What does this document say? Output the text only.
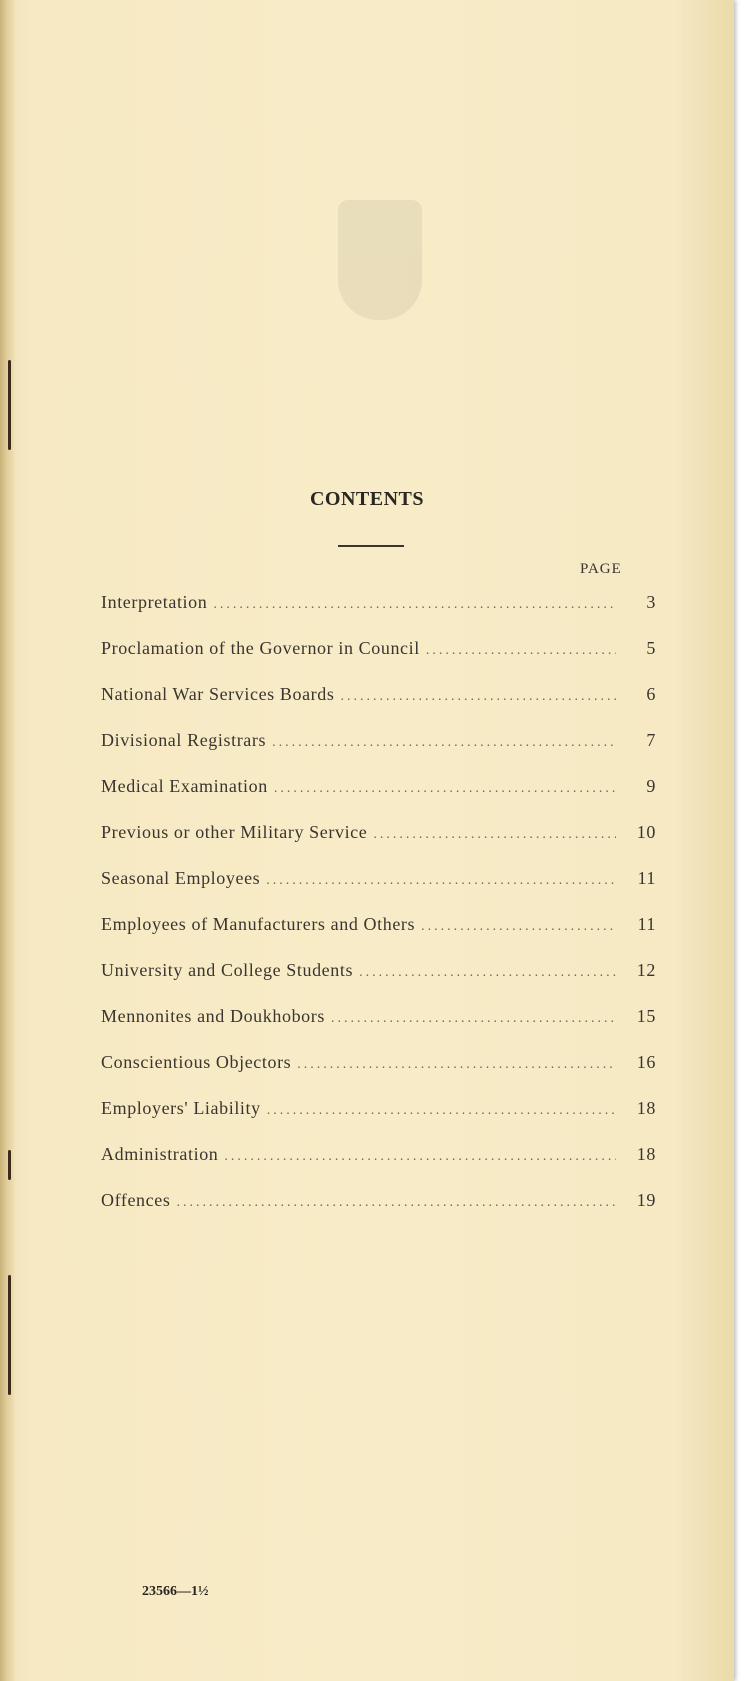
CONTENTS
PAGE
Interpretation .....	3
Proclamation of the Governor in Council .....	5
National War Services Boards .....	6
Divisional Registrars .....	7
Medical Examination .....	9
Previous or other Military Service .....	10
Seasonal Employees .....	11
Employees of Manufacturers and Others .....	11
University and College Students .....	12
Mennonites and Doukhobors .....	15
Conscientious Objectors .....	16
Employers' Liability .....	18
Administration .....	18
Offences .....	19
23566—1½
